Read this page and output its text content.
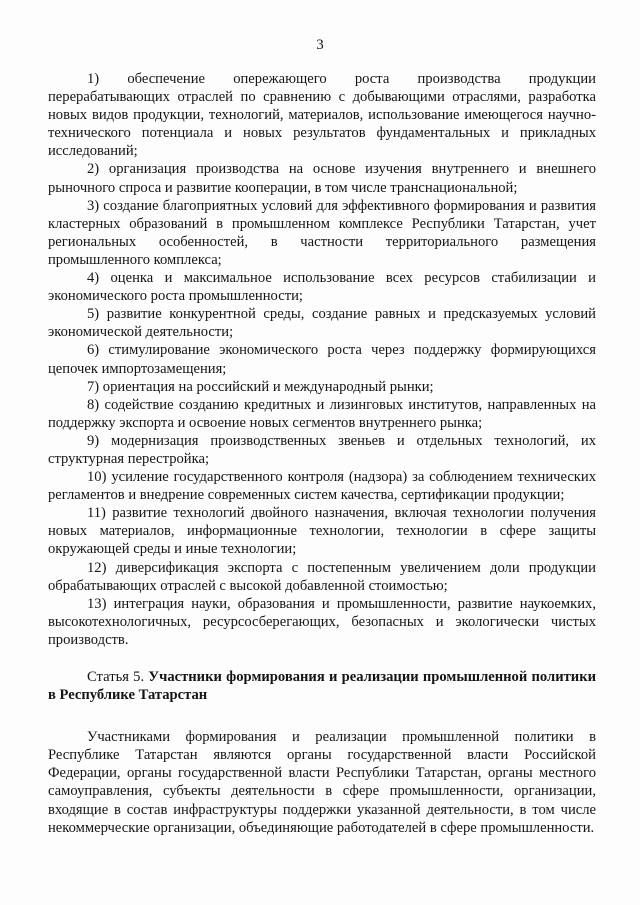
3

1) обеспечение опережающего роста производства продукции перерабатывающих отраслей по сравнению с добывающими отраслями, разработка новых видов продукции, технологий, материалов, использование имеющегося научно-технического потенциала и новых результатов фундаментальных и прикладных исследований;

2) организация производства на основе изучения внутреннего и внешнего рыночного спроса и развитие кооперации, в том числе транснациональной;

3) создание благоприятных условий для эффективного формирования и развития кластерных образований в промышленном комплексе Республики Татарстан, учет региональных особенностей, в частности территориального размещения промышленного комплекса;

4) оценка и максимальное использование всех ресурсов стабилизации и экономического роста промышленности;

5) развитие конкурентной среды, создание равных и предсказуемых условий экономической деятельности;

6) стимулирование экономического роста через поддержку формирующихся цепочек импортозамещения;

7) ориентация на российский и международный рынки;

8) содействие созданию кредитных и лизинговых институтов, направленных на поддержку экспорта и освоение новых сегментов внутреннего рынка;

9) модернизация производственных звеньев и отдельных технологий, их структурная перестройка;

10) усиление государственного контроля (надзора) за соблюдением технических регламентов и внедрение современных систем качества, сертификации продукции;

11) развитие технологий двойного назначения, включая технологии получения новых материалов, информационные технологии, технологии в сфере защиты окружающей среды и иные технологии;

12) диверсификация экспорта с постепенным увеличением доли продукции обрабатывающих отраслей с высокой добавленной стоимостью;

13) интеграция науки, образования и промышленности, развитие наукоемких, высокотехнологичных, ресурсосберегающих, безопасных и экологически чистых производств.

Статья 5. Участники формирования и реализации промышленной политики в Республике Татарстан

Участниками формирования и реализации промышленной политики в Республике Татарстан являются органы государственной власти Российской Федерации, органы государственной власти Республики Татарстан, органы местного самоуправления, субъекты деятельности в сфере промышленности, организации, входящие в состав инфраструктуры поддержки указанной деятельности, в том числе некоммерческие организации, объединяющие работодателей в сфере промышленности.
